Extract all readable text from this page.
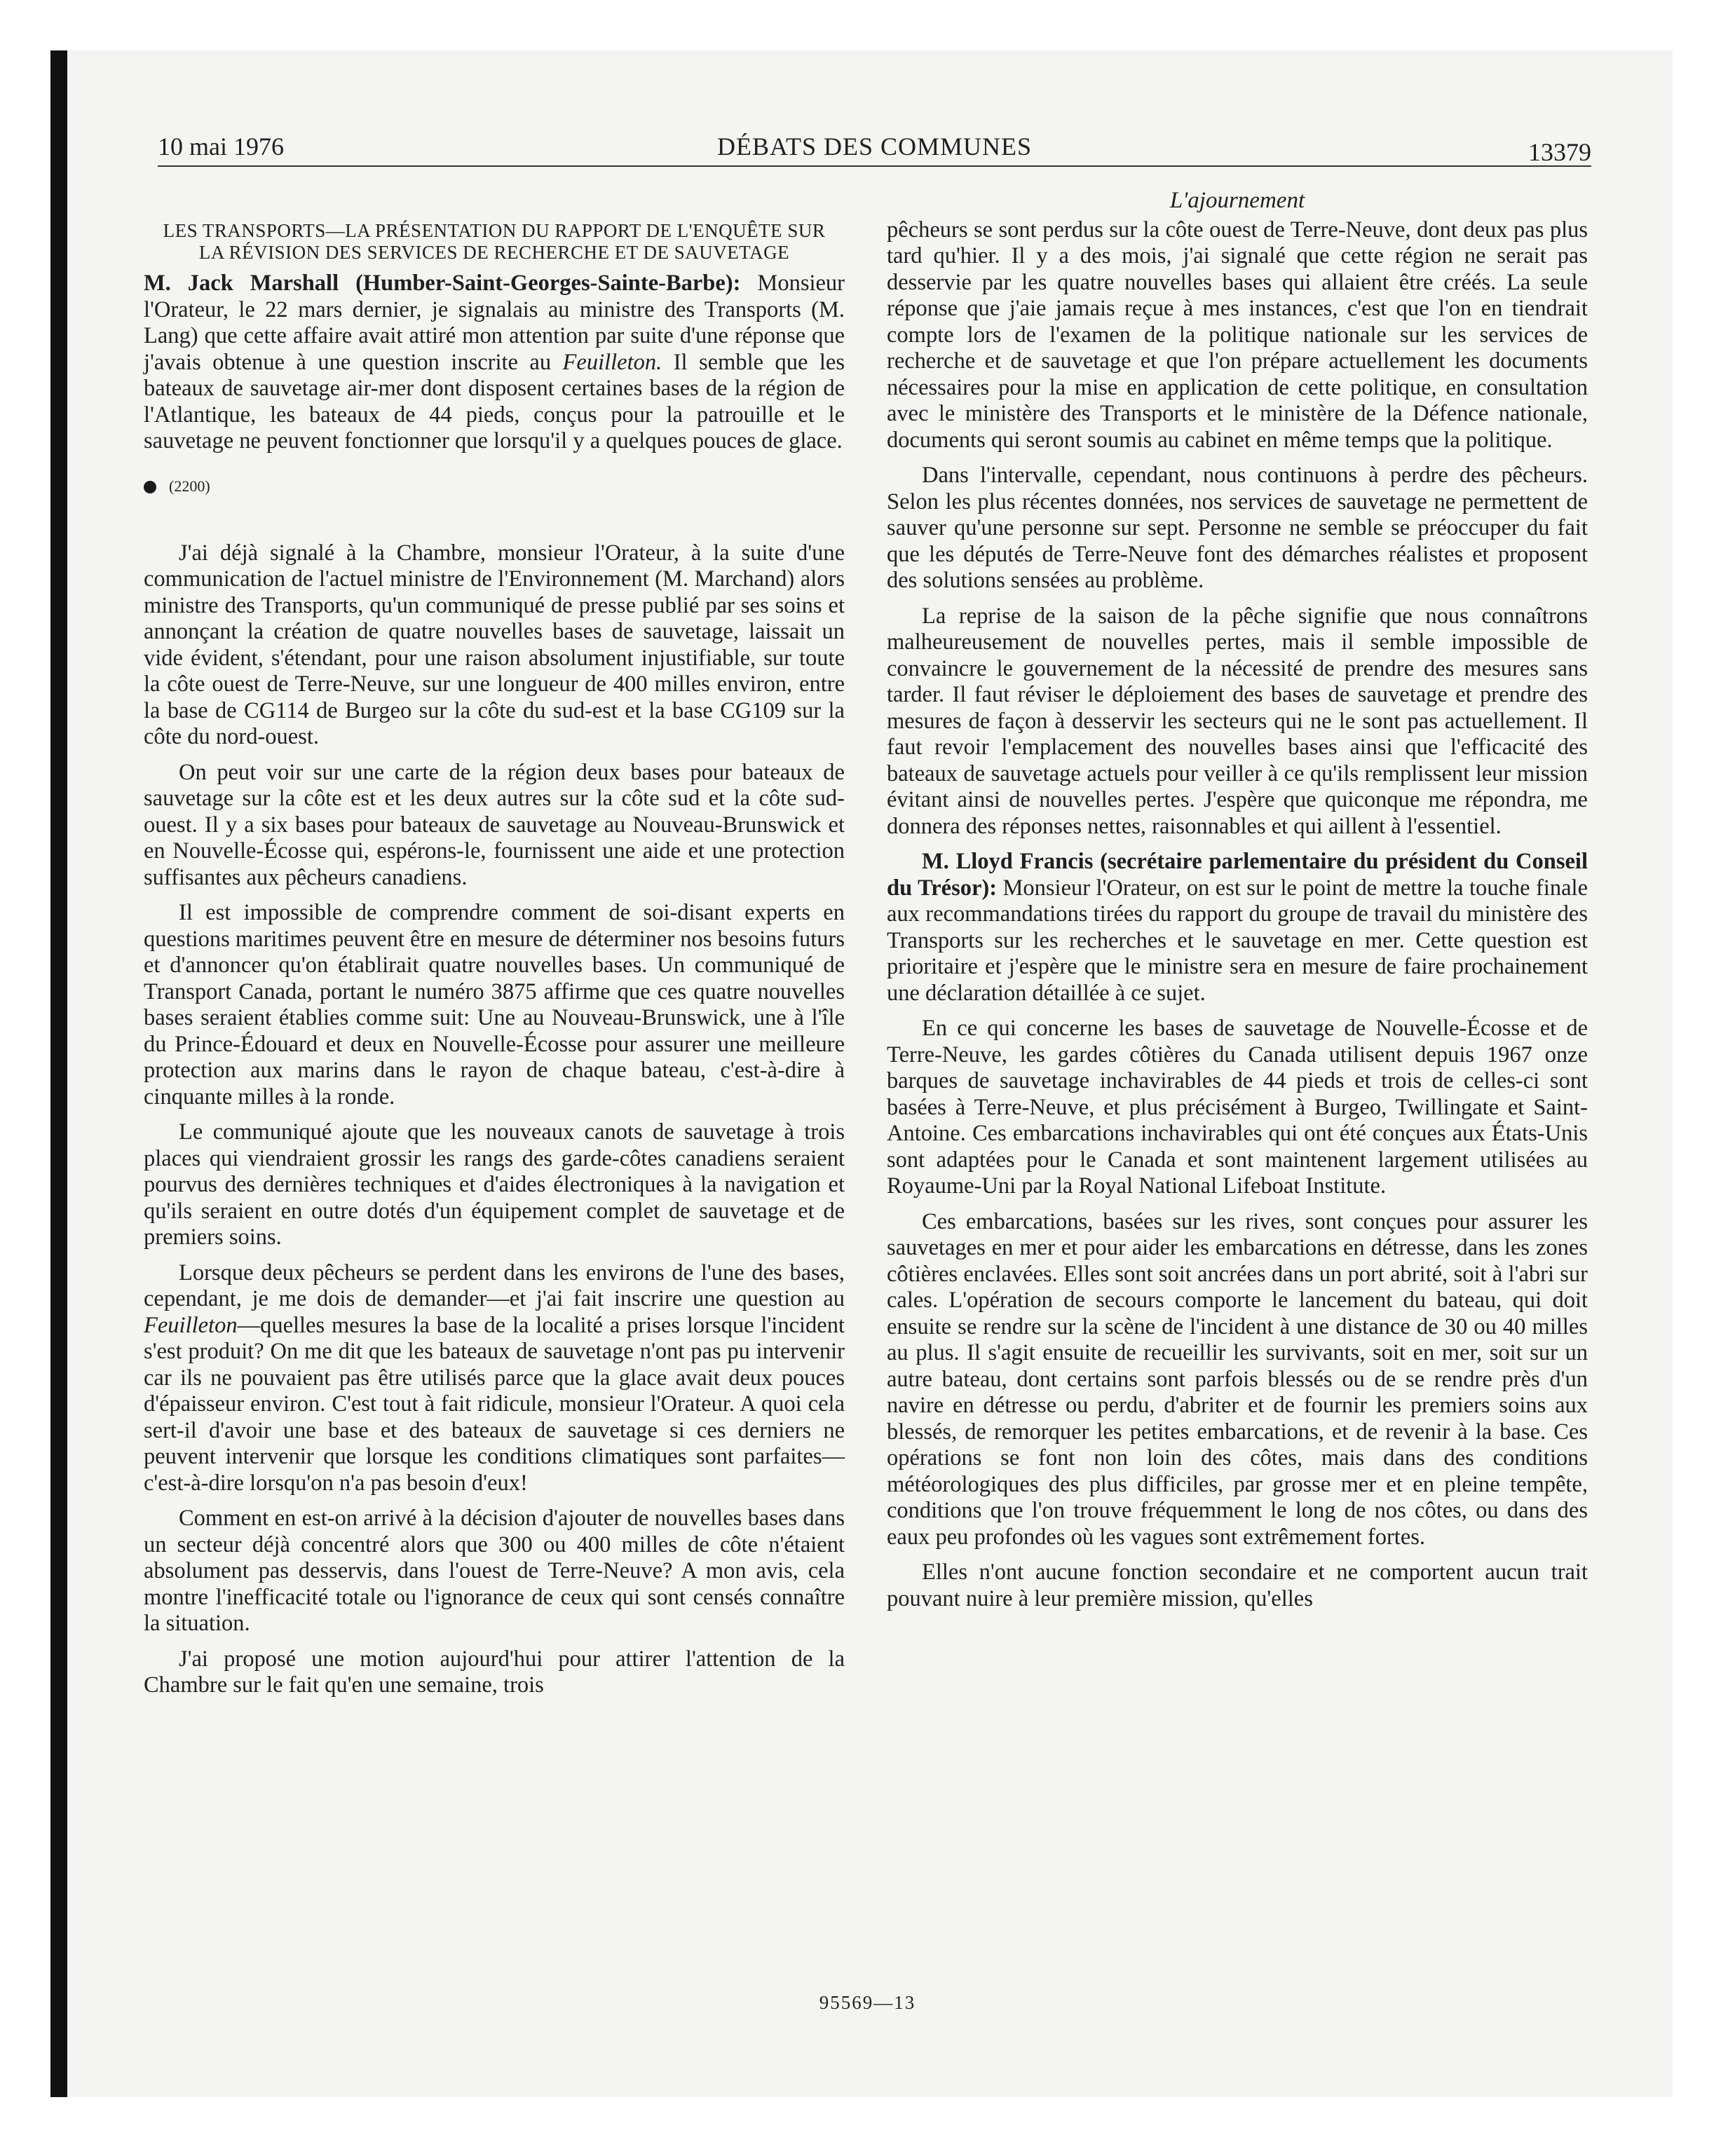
10 mai 1976	DÉBATS DES COMMUNES	13379
LES TRANSPORTS—LA PRÉSENTATION DU RAPPORT DE L'ENQUÊTE SUR LA RÉVISION DES SERVICES DE RECHERCHE ET DE SAUVETAGE

M. Jack Marshall (Humber-Saint-Georges-Sainte-Barbe): Monsieur l'Orateur, le 22 mars dernier, je signalais au ministre des Transports (M. Lang) que cette affaire avait attiré mon attention par suite d'une réponse que j'avais obtenue à une question inscrite au Feuilleton. Il semble que les bateaux de sauvetage air-mer dont disposent certaines bases de la région de l'Atlantique, les bateaux de 44 pieds, conçus pour la patrouille et le sauvetage ne peuvent fonctionner que lorsqu'il y a quelques pouces de glace.

(2200)

J'ai déjà signalé à la Chambre, monsieur l'Orateur, à la suite d'une communication de l'actuel ministre de l'Environnement (M. Marchand) alors ministre des Transports, qu'un communiqué de presse publié par ses soins et annonçant la création de quatre nouvelles bases de sauvetage, laissait un vide évident, s'étendant, pour une raison absolument injustifiable, sur toute la côte ouest de Terre-Neuve, sur une longueur de 400 milles environ, entre la base de CG114 de Burgeo sur la côte du sud-est et la base CG109 sur la côte du nord-ouest.

On peut voir sur une carte de la région deux bases pour bateaux de sauvetage sur la côte est et les deux autres sur la côte sud et la côte sud-ouest. Il y a six bases pour bateaux de sauvetage au Nouveau-Brunswick et en Nouvelle-Écosse qui, espérons-le, fournissent une aide et une protection suffisantes aux pêcheurs canadiens.

Il est impossible de comprendre comment de soi-disant experts en questions maritimes peuvent être en mesure de déterminer nos besoins futurs et d'annoncer qu'on établirait quatre nouvelles bases. Un communiqué de Transport Canada, portant le numéro 3875 affirme que ces quatre nouvelles bases seraient établies comme suit: Une au Nouveau-Brunswick, une à l'île du Prince-Édouard et deux en Nouvelle-Écosse pour assurer une meilleure protection aux marins dans le rayon de chaque bateau, c'est-à-dire à cinquante milles à la ronde.

Le communiqué ajoute que les nouveaux canots de sauvetage à trois places qui viendraient grossir les rangs des garde-côtes canadiens seraient pourvus des dernières techniques et d'aides électroniques à la navigation et qu'ils seraient en outre dotés d'un équipement complet de sauvetage et de premiers soins.

Lorsque deux pêcheurs se perdent dans les environs de l'une des bases, cependant, je me dois de demander—et j'ai fait inscrire une question au Feuilleton—quelles mesures la base de la localité a prises lorsque l'incident s'est produit? On me dit que les bateaux de sauvetage n'ont pas pu intervenir car ils ne pouvaient pas être utilisés parce que la glace avait deux pouces d'épaisseur environ. C'est tout à fait ridicule, monsieur l'Orateur. A quoi cela sert-il d'avoir une base et des bateaux de sauvetage si ces derniers ne peuvent intervenir que lorsque les conditions climatiques sont parfaites—c'est-à-dire lorsqu'on n'a pas besoin d'eux!

Comment en est-on arrivé à la décision d'ajouter de nouvelles bases dans un secteur déjà concentré alors que 300 ou 400 milles de côte n'étaient absolument pas desservis, dans l'ouest de Terre-Neuve? A mon avis, cela montre l'inefficacité totale ou l'ignorance de ceux qui sont censés connaître la situation.

J'ai proposé une motion aujourd'hui pour attirer l'attention de la Chambre sur le fait qu'en une semaine, trois

L'ajournement

pêcheurs se sont perdus sur la côte ouest de Terre-Neuve, dont deux pas plus tard qu'hier. Il y a des mois, j'ai signalé que cette région ne serait pas desservie par les quatre nouvelles bases qui allaient être créés. La seule réponse que j'aie jamais reçue à mes instances, c'est que l'on en tiendrait compte lors de l'examen de la politique nationale sur les services de recherche et de sauvetage et que l'on prépare actuellement les documents nécessaires pour la mise en application de cette politique, en consultation avec le ministère des Transports et le ministère de la Défence nationale, documents qui seront soumis au cabinet en même temps que la politique.

Dans l'intervalle, cependant, nous continuons à perdre des pêcheurs. Selon les plus récentes données, nos services de sauvetage ne permettent de sauver qu'une personne sur sept. Personne ne semble se préoccuper du fait que les députés de Terre-Neuve font des démarches réalistes et proposent des solutions sensées au problème.

La reprise de la saison de la pêche signifie que nous connaîtrons malheureusement de nouvelles pertes, mais il semble impossible de convaincre le gouvernement de la nécessité de prendre des mesures sans tarder. Il faut réviser le déploiement des bases de sauvetage et prendre des mesures de façon à desservir les secteurs qui ne le sont pas actuellement. Il faut revoir l'emplacement des nouvelles bases ainsi que l'efficacité des bateaux de sauvetage actuels pour veiller à ce qu'ils remplissent leur mission évitant ainsi de nouvelles pertes. J'espère que quiconque me répondra, me donnera des réponses nettes, raisonnables et qui aillent à l'essentiel.

M. Lloyd Francis (secrétaire parlementaire du président du Conseil du Trésor): Monsieur l'Orateur, on est sur le point de mettre la touche finale aux recommandations tirées du rapport du groupe de travail du ministère des Transports sur les recherches et le sauvetage en mer. Cette question est prioritaire et j'espère que le ministre sera en mesure de faire prochainement une déclaration détaillée à ce sujet.

En ce qui concerne les bases de sauvetage de Nouvelle-Écosse et de Terre-Neuve, les gardes côtières du Canada utilisent depuis 1967 onze barques de sauvetage inchavirables de 44 pieds et trois de celles-ci sont basées à Terre-Neuve, et plus précisément à Burgeo, Twillingate et Saint-Antoine. Ces embarcations inchavirables qui ont été conçues aux États-Unis sont adaptées pour le Canada et sont maintenent largement utilisées au Royaume-Uni par la Royal National Lifeboat Institute.

Ces embarcations, basées sur les rives, sont conçues pour assurer les sauvetages en mer et pour aider les embarcations en détresse, dans les zones côtières enclavées. Elles sont soit ancrées dans un port abrité, soit à l'abri sur cales. L'opération de secours comporte le lancement du bateau, qui doit ensuite se rendre sur la scène de l'incident à une distance de 30 ou 40 milles au plus. Il s'agit ensuite de recueillir les survivants, soit en mer, soit sur un autre bateau, dont certains sont parfois blessés ou de se rendre près d'un navire en détresse ou perdu, d'abriter et de fournir les premiers soins aux blessés, de remorquer les petites embarcations, et de revenir à la base. Ces opérations se font non loin des côtes, mais dans des conditions météorologiques des plus difficiles, par grosse mer et en pleine tempête, conditions que l'on trouve fréquemment le long de nos côtes, ou dans des eaux peu profondes où les vagues sont extrêmement fortes.

Elles n'ont aucune fonction secondaire et ne comportent aucun trait pouvant nuire à leur première mission, qu'elles

95569—13
